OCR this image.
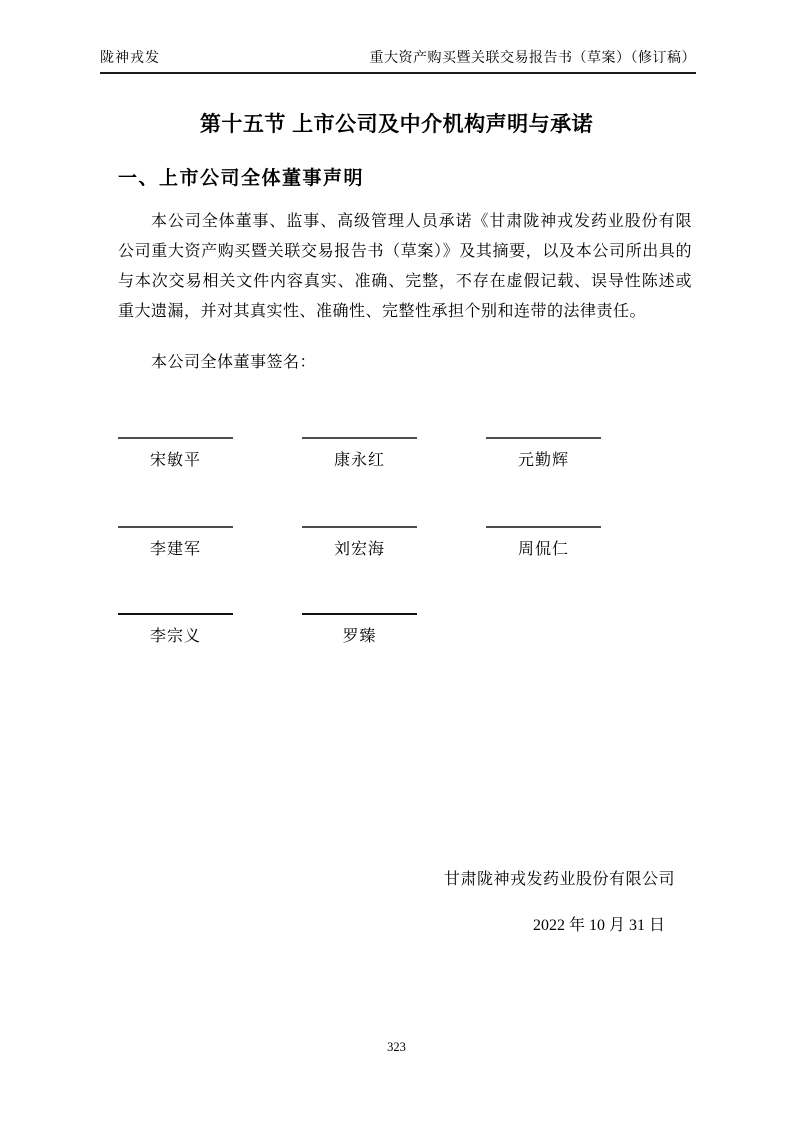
陇神戎发	重大资产购买暨关联交易报告书（草案）（修订稿）
第十五节 上市公司及中介机构声明与承诺
一、上市公司全体董事声明
本公司全体董事、监事、高级管理人员承诺《甘肃陇神戎发药业股份有限公司重大资产购买暨关联交易报告书（草案）》及其摘要，以及本公司所出具的与本次交易相关文件内容真实、准确、完整，不存在虚假记载、误导性陈述或重大遗漏，并对其真实性、准确性、完整性承担个别和连带的法律责任。
本公司全体董事签名：
宋敏平	康永红	元勤辉
李建军	刘宏海	周侃仁
李宗义	罗臻
甘肃陇神戎发药业股份有限公司
2022 年 10 月 31 日
323
